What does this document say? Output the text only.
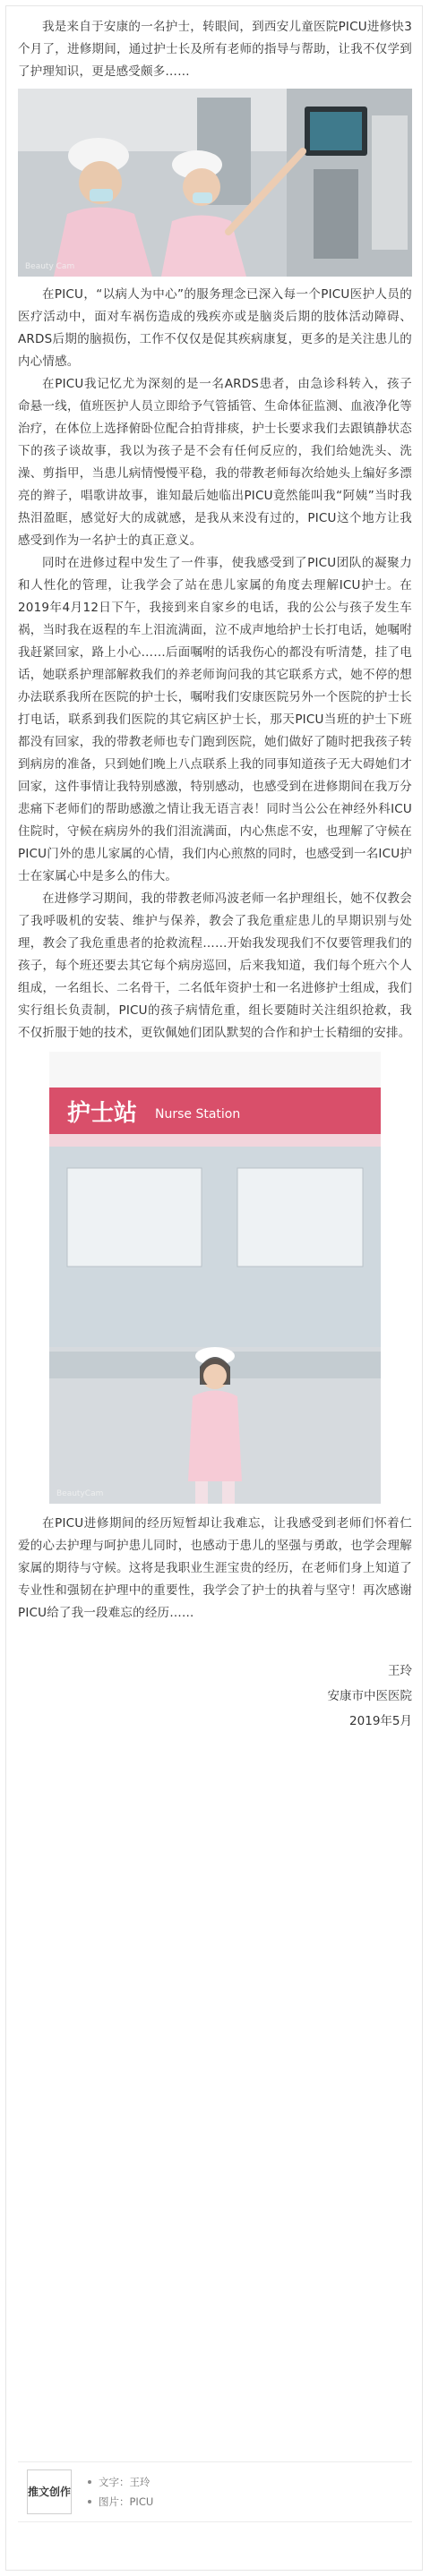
我是来自于安康的一名护士，转眼间，到西安儿童医院PICU进修快3个月了，进修期间，通过护士长及所有老师的指导与帮助，让我不仅学到了护理知识，更是感受颇多……

Beauty Cam

在PICU，“以病人为中心”的服务理念已深入每一个PICU医护人员的医疗活动中，面对车祸伤造成的残疾亦或是脑炎后期的肢体活动障碍、ARDS后期的脑损伤，工作不仅仅是促其疾病康复，更多的是关注患儿的内心情感。

在PICU我记忆尤为深刻的是一名ARDS患者，由急诊科转入，孩子命悬一线，值班医护人员立即给予气管插管、生命体征监测、血液净化等治疗，在体位上选择俯卧位配合拍背排痰，护士长要求我们去跟镇静状态下的孩子谈故事，我以为孩子是不会有任何反应的，我们给她洗头、洗澡、剪指甲，当患儿病情慢慢平稳，我的带教老师每次给她头上编好多漂亮的辫子，唱歌讲故事，谁知最后她临出PICU竟然能叫我“阿姨”当时我热泪盈眶，感觉好大的成就感，是我从来没有过的，PICU这个地方让我感受到作为一名护士的真正意义。

同时在进修过程中发生了一件事，使我感受到了PICU团队的凝聚力和人性化的管理，让我学会了站在患儿家属的角度去理解ICU护士。在2019年4月12日下午，我接到来自家乡的电话，我的公公与孩子发生车祸，当时我在返程的车上泪流满面，泣不成声地给护士长打电话，她嘱咐我赶紧回家，路上小心……后面嘱咐的话我伤心的都没有听清楚，挂了电话，她联系护理部解救我们的养老师询问我的其它联系方式，她不停的想办法联系我所在医院的护士长，嘱咐我们安康医院另外一个医院的护士长打电话，联系到我们医院的其它病区护士长，那天PICU当班的护士下班都没有回家，我的带教老师也专门跑到医院，她们做好了随时把我孩子转到病房的准备，只到她们晚上八点联系上我的同事知道孩子无大碍她们才回家，这件事情让我特别感激，特别感动，也感受到在进修期间在我万分悲痛下老师们的帮助感激之情让我无语言表！同时当公公在神经外科ICU住院时，守候在病房外的我们泪流满面，内心焦虑不安，也理解了守候在PICU门外的患儿家属的心情，我们内心煎熬的同时，也感受到一名ICU护士在家属心中是多么的伟大。

在进修学习期间，我的带教老师冯波老师一名护理组长，她不仅教会了我呼吸机的安装、维护与保养，教会了我危重症患儿的早期识别与处理，教会了我危重患者的抢救流程……开始我发现我们不仅要管理我们的孩子，每个班还要去其它每个病房巡回，后来我知道，我们每个班六个人组成，一名组长、二名骨干，二名低年资护士和一名进修护士组成，我们实行组长负责制，PICU的孩子病情危重，组长要随时关注组织抢救，我不仅折服于她的技术，更钦佩她们团队默契的合作和护士长精细的安排。

护士站 Nurse Station
BeautyCam

在PICU进修期间的经历短暂却让我难忘，让我感受到老师们怀着仁爱的心去护理与呵护患儿同时，也感动于患儿的坚强与勇敢，也学会理解家属的期待与守候。这将是我职业生涯宝贵的经历，在老师们身上知道了专业性和强韧在护理中的重要性，我学会了护士的执着与坚守！再次感谢PICU给了我一段难忘的经历……

王玲

安康市中医医院

2019年5月

推文创作
文字：王玲
图片：PICU
